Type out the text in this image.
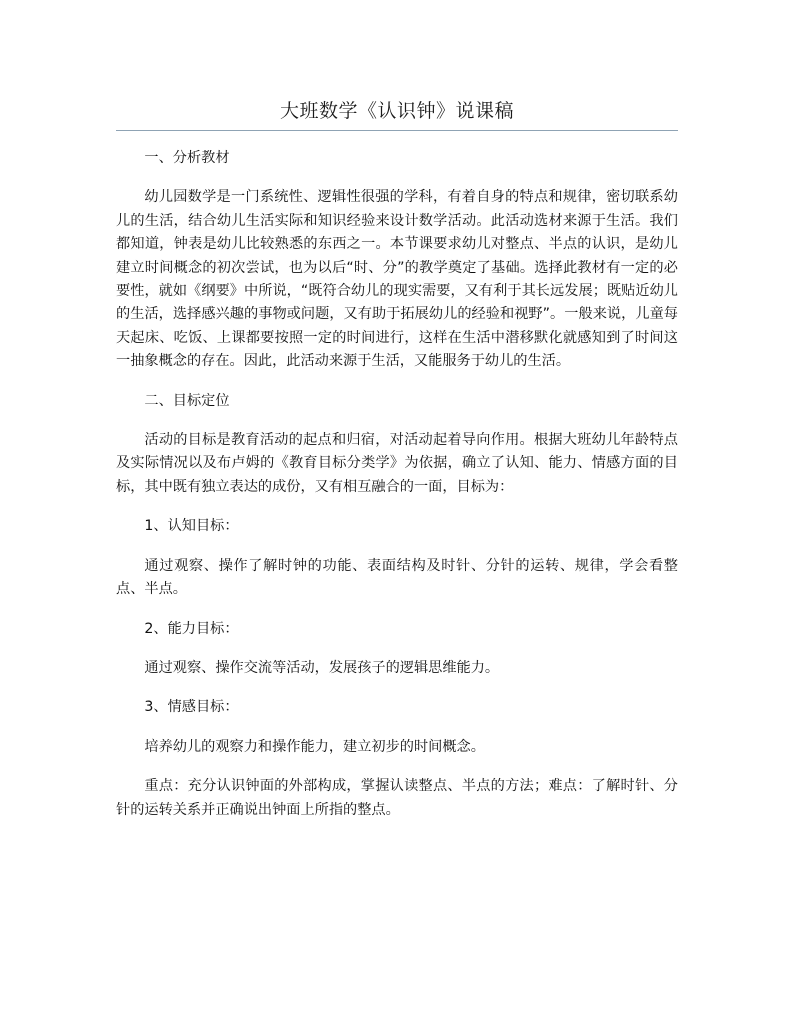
大班数学《认识钟》说课稿

一、分析教材

幼儿园数学是一门系统性、逻辑性很强的学科，有着自身的特点和规律，密切联系幼儿的生活，结合幼儿生活实际和知识经验来设计数学活动。此活动选材来源于生活。我们都知道，钟表是幼儿比较熟悉的东西之一。本节课要求幼儿对整点、半点的认识，是幼儿建立时间概念的初次尝试，也为以后“时、分”的教学奠定了基础。选择此教材有一定的必要性，就如《纲要》中所说，“既符合幼儿的现实需要，又有利于其长远发展；既贴近幼儿的生活，选择感兴趣的事物或问题，又有助于拓展幼儿的经验和视野”。一般来说，儿童每天起床、吃饭、上课都要按照一定的时间进行，这样在生活中潜移默化就感知到了时间这一抽象概念的存在。因此，此活动来源于生活，又能服务于幼儿的生活。

二、目标定位

活动的目标是教育活动的起点和归宿，对活动起着导向作用。根据大班幼儿年龄特点及实际情况以及布卢姆的《教育目标分类学》为依据，确立了认知、能力、情感方面的目标，其中既有独立表达的成份，又有相互融合的一面，目标为：

1、认知目标：

通过观察、操作了解时钟的功能、表面结构及时针、分针的运转、规律，学会看整点、半点。

2、能力目标：

通过观察、操作交流等活动，发展孩子的逻辑思维能力。

3、情感目标：

培养幼儿的观察力和操作能力，建立初步的时间概念。

重点：充分认识钟面的外部构成，掌握认读整点、半点的方法；难点：了解时针、分针的运转关系并正确说出钟面上所指的整点。
